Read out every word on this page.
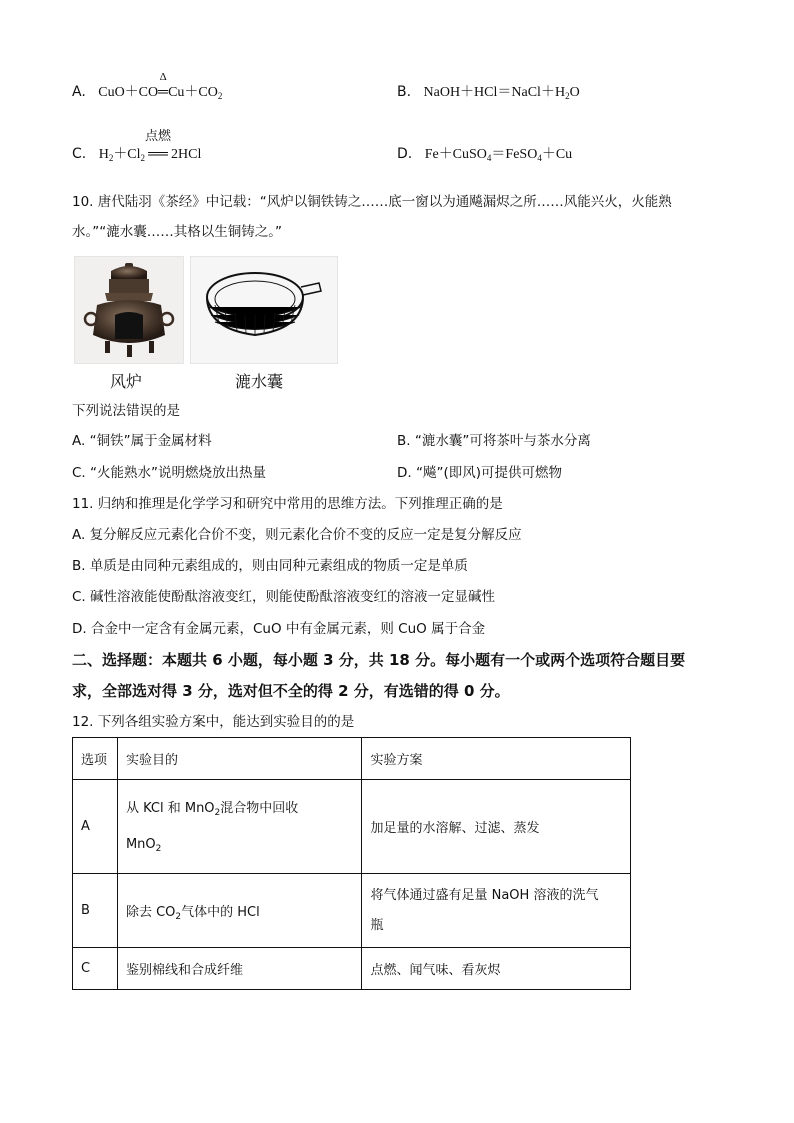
A. CuO＋CO
Δ
$═Cu+CO_2$	B. $NaOH+HCl=NaCl+H_2O$
C. $H_2+Cl_2$
点燃
══ 2HCl	D. Fe＋CuSO$_4$＝FeSO$_4$＋Cu
10. 唐代陆羽《茶经》中记载：“风炉以铜铁铸之……底一窗以为通飚漏烬之所……风能兴火，火能熟
水。”“漉水囊……其格以生铜铸之。”
风炉	漉水囊
下列说法错误的是
A. “铜铁”属于金属材料	B. “漉水囊”可将茶叶与茶水分离
C. “火能熟水”说明燃烧放出热量	D. “飚”(即风)可提供可燃物
11. 归纳和推理是化学学习和研究中常用的思维方法。下列推理正确的是
A. 复分解反应元素化合价不变，则元素化合价不变的反应一定是复分解反应
B. 单质是由同种元素组成的，则由同种元素组成的物质一定是单质
C. 碱性溶液能使酚酞溶液变红，则能使酚酞溶液变红的溶液一定显碱性
D. 合金中一定含有金属元素，CuO 中有金属元素，则 CuO 属于合金
二、选择题：本题共 6 小题，每小题 3 分，共 18 分。每小题有一个或两个选项符合题目要
求，全部选对得 3 分，选对但不全的得 2 分，有选错的得 0 分。
12. 下列各组实验方案中，能达到实验目的的是
选项	实验目的	实验方案
A	从 KCl 和 MnO$_2$混合物中回收
MnO$_2$	加足量的水溶解、过滤、蒸发
B	除去 $CO_2$气体中的 HCl	将气体通过盛有足量 NaOH 溶液的洗气
瓶

C	鉴别棉线和合成纤维	点燃、闻气味、看灰烬
